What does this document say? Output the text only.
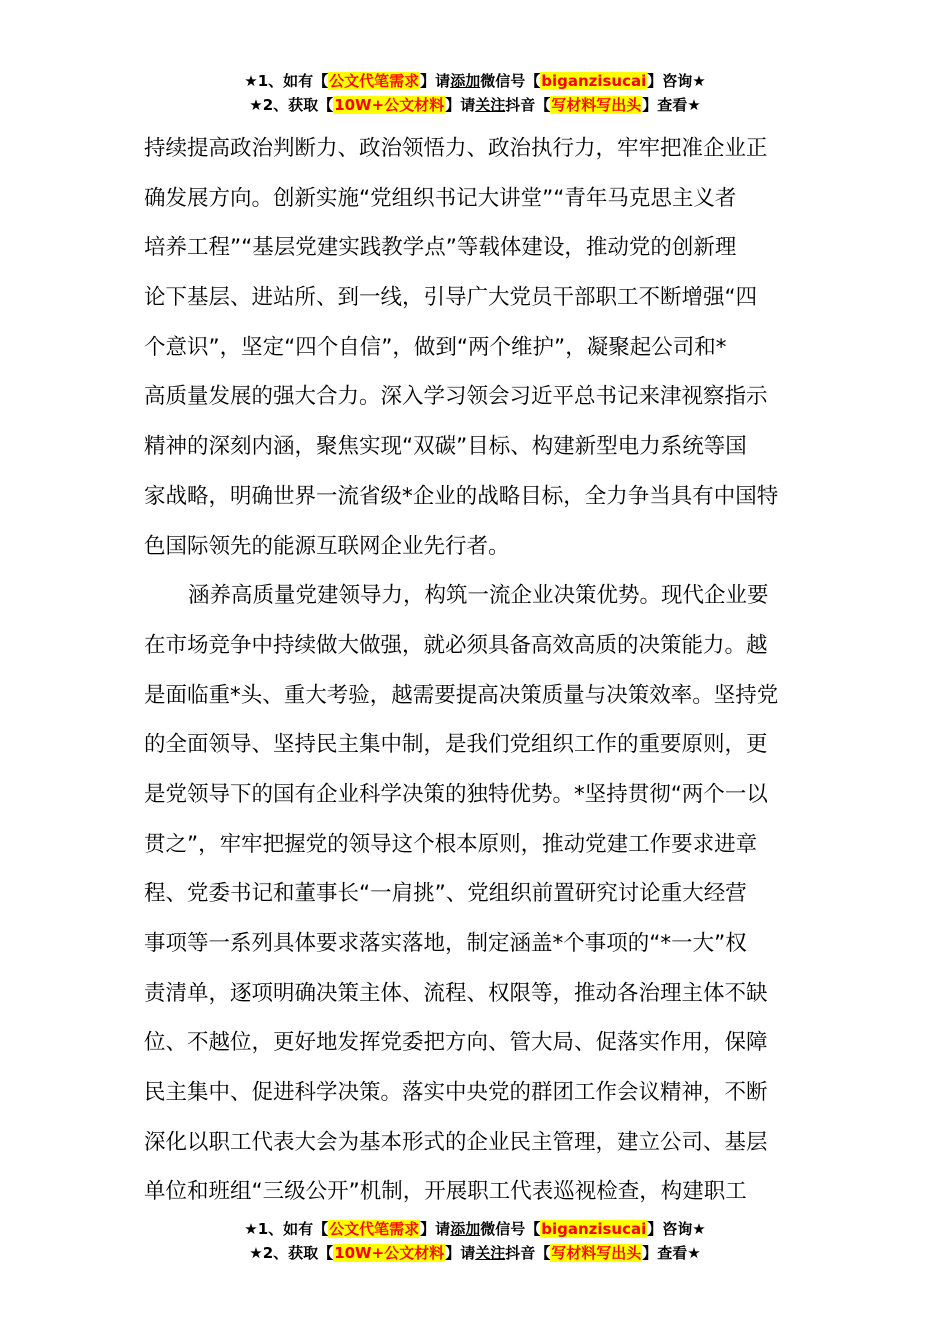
★1、如有【公文代笔需求】请添加微信号【biganzisucai】咨询★
★2、获取【10W+公文材料】请关注抖音【写材料写出头】查看★
持续提高政治判断力、政治领悟力、政治执行力，牢牢把准企业正
确发展方向。创新实施“党组织书记大讲堂”“青年马克思主义者
培养工程”“基层党建实践教学点”等载体建设，推动党的创新理
论下基层、进站所、到一线，引导广大党员干部职工不断增强“四
个意识”，坚定“四个自信”，做到“两个维护”，凝聚起公司和*
高质量发展的强大合力。深入学习领会习近平总书记来津视察指示
精神的深刻内涵，聚焦实现“双碳”目标、构建新型电力系统等国
家战略，明确世界一流省级*企业的战略目标，全力争当具有中国特
色国际领先的能源互联网企业先行者。
涵养高质量党建领导力，构筑一流企业决策优势。现代企业要
在市场竞争中持续做大做强，就必须具备高效高质的决策能力。越
是面临重*头、重大考验，越需要提高决策质量与决策效率。坚持党
的全面领导、坚持民主集中制，是我们党组织工作的重要原则，更
是党领导下的国有企业科学决策的独特优势。*坚持贯彻“两个一以
贯之”，牢牢把握党的领导这个根本原则，推动党建工作要求进章
程、党委书记和董事长“一肩挑”、党组织前置研究讨论重大经营
事项等一系列具体要求落实落地，制定涵盖*个事项的“*一大”权
责清单，逐项明确决策主体、流程、权限等，推动各治理主体不缺
位、不越位，更好地发挥党委把方向、管大局、促落实作用，保障
民主集中、促进科学决策。落实中央党的群团工作会议精神，不断
深化以职工代表大会为基本形式的企业民主管理，建立公司、基层
单位和班组“三级公开”机制，开展职工代表巡视检查，构建职工
★1、如有【公文代笔需求】请添加微信号【biganzisucai】咨询★
★2、获取【10W+公文材料】请关注抖音【写材料写出头】查看★
